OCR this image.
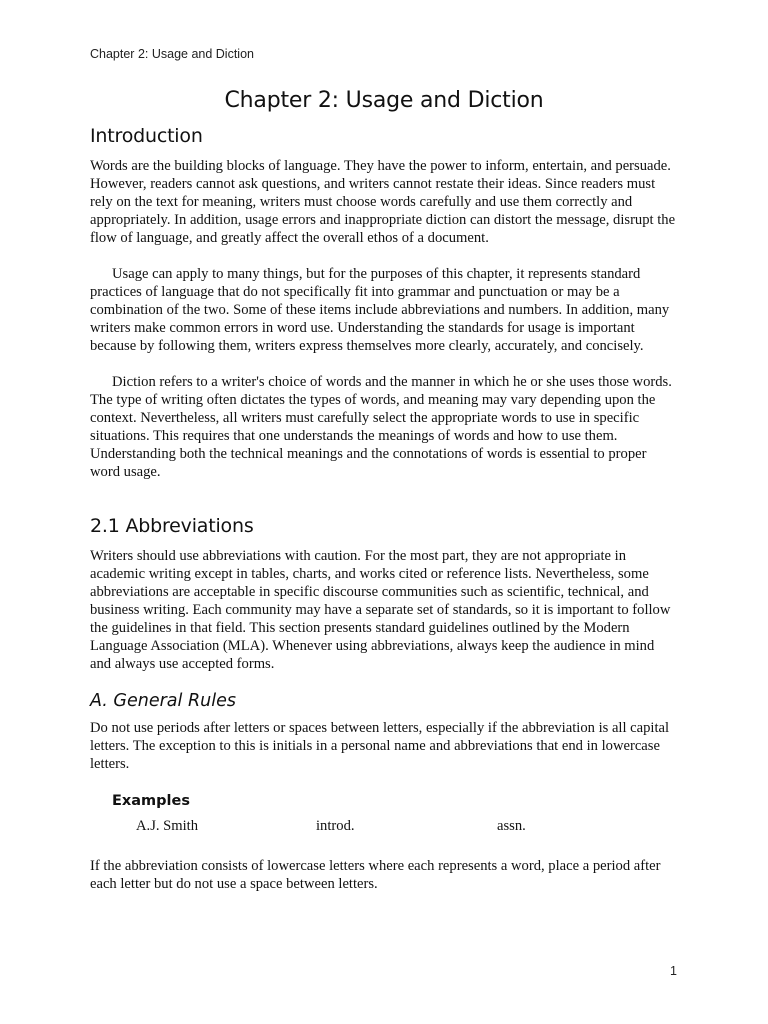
Chapter 2: Usage and Diction

Chapter 2: Usage and Diction
Introduction

Words are the building blocks of language. They have the power to inform, entertain, and persuade. However, readers cannot ask questions, and writers cannot restate their ideas. Since readers must rely on the text for meaning, writers must choose words carefully and use them correctly and appropriately. In addition, usage errors and inappropriate diction can distort the message, disrupt the flow of language, and greatly affect the overall ethos of a document.

Usage can apply to many things, but for the purposes of this chapter, it represents standard practices of language that do not specifically fit into grammar and punctuation or may be a combination of the two. Some of these items include abbreviations and numbers. In addition, many writers make common errors in word use. Understanding the standards for usage is important because by following them, writers express themselves more clearly, accurately, and concisely.

Diction refers to a writer's choice of words and the manner in which he or she uses those words. The type of writing often dictates the types of words, and meaning may vary depending upon the context. Nevertheless, all writers must carefully select the appropriate words to use in specific situations. This requires that one understands the meanings of words and how to use them. Understanding both the technical meanings and the connotations of words is essential to proper word usage.

2.1 Abbreviations

Writers should use abbreviations with caution. For the most part, they are not appropriate in academic writing except in tables, charts, and works cited or reference lists. Nevertheless, some abbreviations are acceptable in specific discourse communities such as scientific, technical, and business writing. Each community may have a separate set of standards, so it is important to follow the guidelines in that field. This section presents standard guidelines outlined by the Modern Language Association (MLA). Whenever using abbreviations, always keep the audience in mind and always use accepted forms.

A. General Rules

Do not use periods after letters or spaces between letters, especially if the abbreviation is all capital letters. The exception to this is initials in a personal name and abbreviations that end in lowercase letters.

Examples
A.J. Smith	introd.	assn.

If the abbreviation consists of lowercase letters where each represents a word, place a period after each letter but do not use a space between letters.

1
